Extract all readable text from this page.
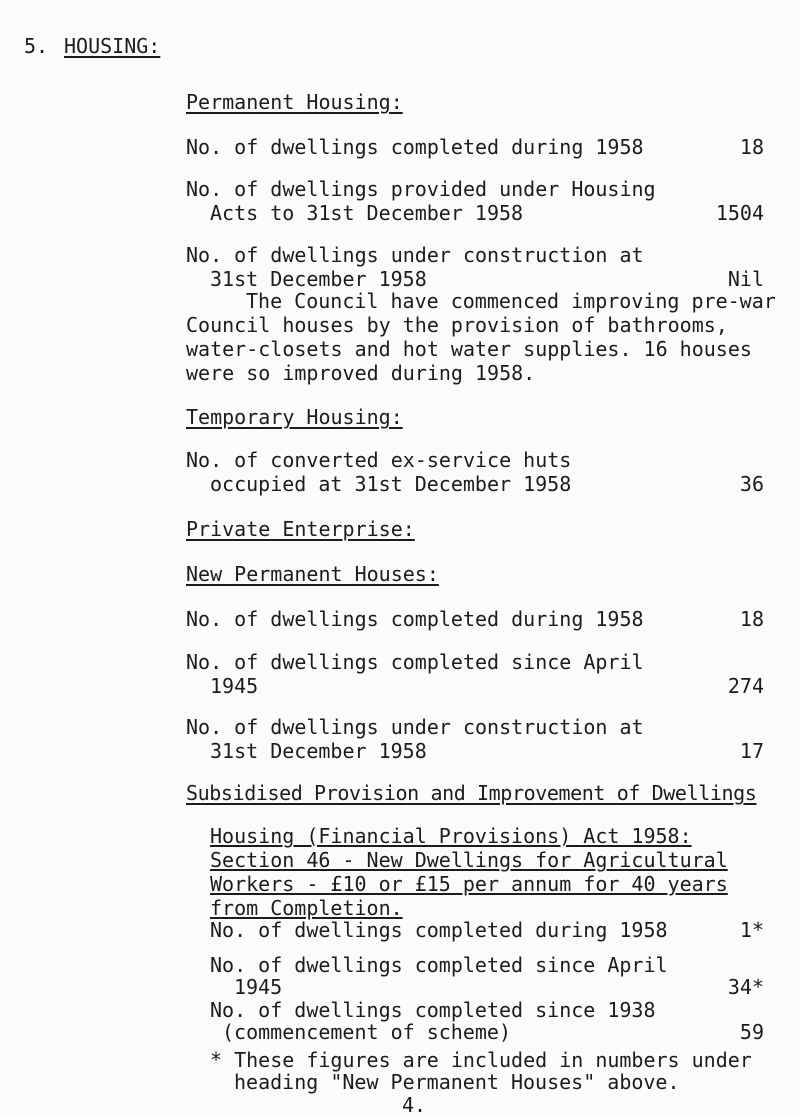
5. HOUSING:
Permanent Housing:
No. of dwellings completed during 1958	18
No. of dwellings provided under Housing
Acts to 31st December 1958	1504
No. of dwellings under construction at
31st December 1958	Nil
The Council have commenced improving pre-war
Council houses by the provision of bathrooms,
water-closets and hot water supplies. 16 houses
were so improved during 1958.
Temporary Housing:
No. of converted ex-service huts
occupied at 31st December 1958	36
Private Enterprise:
New Permanent Houses:
No. of dwellings completed during 1958	18
No. of dwellings completed since April
1945	274
No. of dwellings under construction at
31st December 1958	17
Subsidised Provision and Improvement of Dwellings
Housing (Financial Provisions) Act 1958:
Section 46 - New Dwellings for Agricultural
Workers - £10 or £15 per annum for 40 years
from Completion.
No. of dwellings completed during 1958	1*
No. of dwellings completed since April
1945	34*
No. of dwellings completed since 1938
(commencement of scheme)	59
* These figures are included in numbers under
heading "New Permanent Houses" above.
4.
